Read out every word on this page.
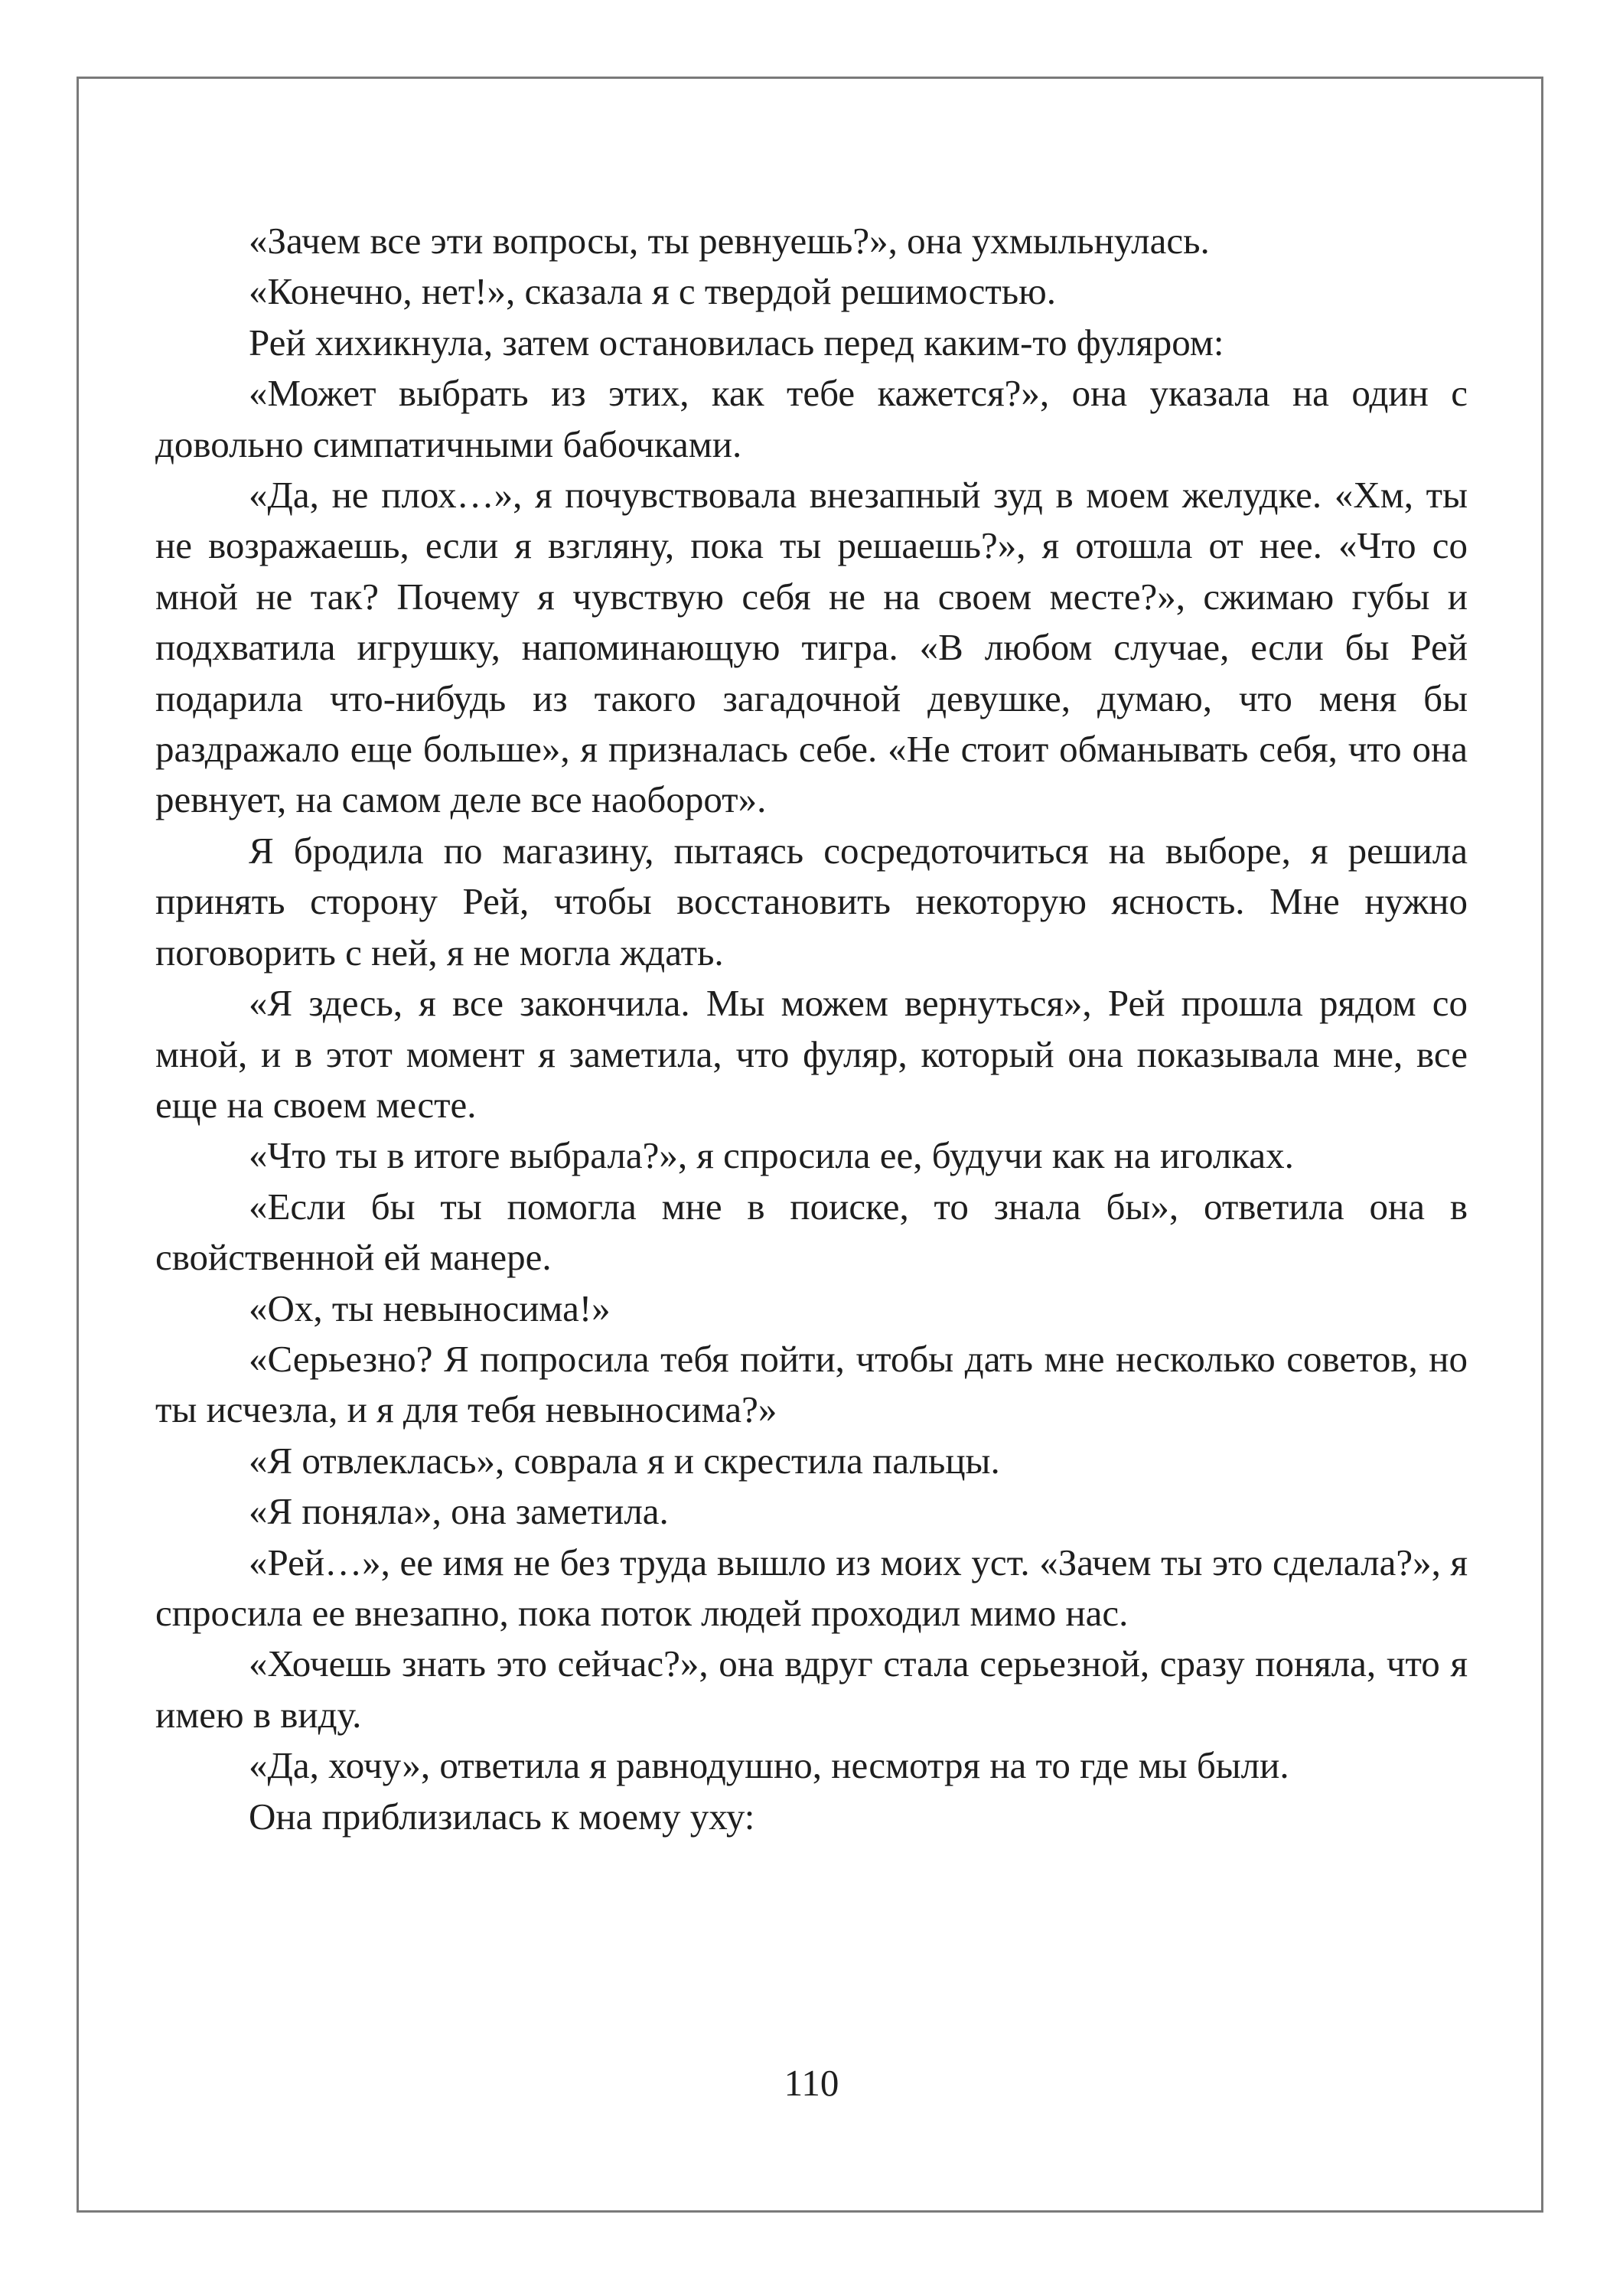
«Зачем все эти вопросы, ты ревнуешь?», она ухмыльнулась.

«Конечно, нет!», сказала я с твердой решимостью.

Рей хихикнула, затем остановилась перед каким-то фуляром:

«Может выбрать из этих, как тебе кажется?», она указала на один с довольно симпатичными бабочками.

«Да, не плох…», я почувствовала внезапный зуд в моем желудке. «Хм, ты не возражаешь, если я взгляну, пока ты решаешь?», я отошла от нее. «Что со мной не так? Почему я чувствую себя не на своем месте?», сжимаю губы и подхватила игрушку, напоминающую тигра. «В любом случае, если бы Рей подарила что-нибудь из такого загадочной девушке, думаю, что меня бы раздражало еще больше», я призналась себе. «Не стоит обманывать себя, что она ревнует, на самом деле все наоборот».

Я бродила по магазину, пытаясь сосредоточиться на выборе, я решила принять сторону Рей, чтобы восстановить некоторую ясность. Мне нужно поговорить с ней, я не могла ждать.

«Я здесь, я все закончила. Мы можем вернуться», Рей прошла рядом со мной, и в этот момент я заметила, что фуляр, который она показывала мне, все еще на своем месте.

«Что ты в итоге выбрала?», я спросила ее, будучи как на иголках.

«Если бы ты помогла мне в поиске, то знала бы», ответила она в свойственной ей манере.

«Ох, ты невыносима!»

«Серьезно? Я попросила тебя пойти, чтобы дать мне несколько советов, но ты исчезла, и я для тебя невыносима?»

«Я отвлеклась», соврала я и скрестила пальцы.

«Я поняла», она заметила.

«Рей…», ее имя не без труда вышло из моих уст. «Зачем ты это сделала?», я спросила ее внезапно, пока поток людей проходил мимо нас.

«Хочешь знать это сейчас?», она вдруг стала серьезной, сразу поняла, что я имею в виду.

«Да, хочу», ответила я равнодушно, несмотря на то где мы были.

Она приблизилась к моему уху:

110
